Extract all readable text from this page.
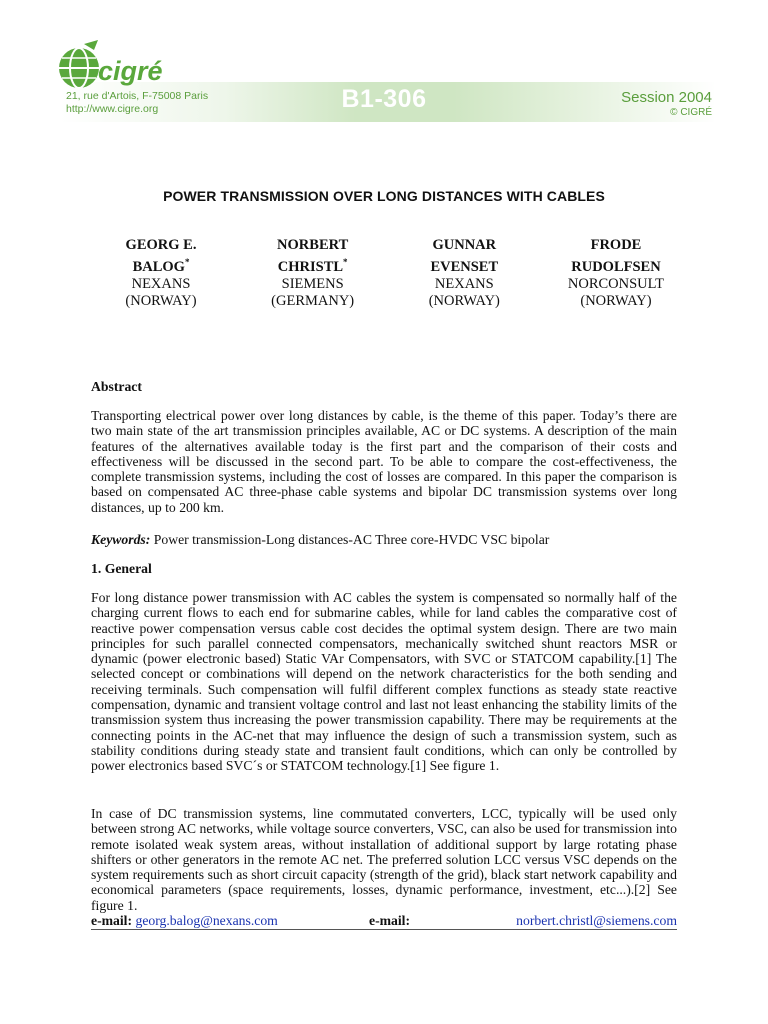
cigré
21, rue d'Artois, F-75008 Paris
http://www.cigre.org	B1-306	Session 2004
© CIGRÉ
POWER TRANSMISSION OVER LONG DISTANCES WITH CABLES
GEORG E.
BALOG*
NEXANS
(NORWAY)
NORBERT
CHRISTL*
SIEMENS
(GERMANY)
GUNNAR
EVENSET
NEXANS
(NORWAY)
FRODE
RUDOLFSEN
NORCONSULT
(NORWAY)
Abstract
Transporting electrical power over long distances by cable, is the theme of this paper. Today’s there are two main state of the art transmission principles available, AC or DC systems. A description of the main features of the alternatives available today is the first part and the comparison of their costs and effectiveness will be discussed in the second part. To be able to compare the cost-effectiveness, the complete transmission systems, including the cost of losses are compared. In this paper the comparison is based on compensated AC three-phase cable systems and bipolar DC transmission systems over long distances, up to 200 km.
Keywords: Power transmission-Long distances-AC Three core-HVDC VSC bipolar
1. General
For long distance power transmission with AC cables the system is compensated so normally half of the charging current flows to each end for submarine cables, while for land cables the comparative cost of reactive power compensation versus cable cost decides the optimal system design. There are two main principles for such parallel connected compensators, mechanically switched shunt reactors MSR or dynamic (power electronic based) Static VAr Compensators, with SVC or STATCOM capability.[1] The selected concept or combinations will depend on the network characteristics for the both sending and receiving terminals. Such compensation will fulfil different complex functions as steady state reactive compensation, dynamic and transient voltage control and last not least enhancing the stability limits of the transmission system thus increasing the power transmission capability. There may be requirements at the connecting points in the AC-net that may influence the design of such a transmission system, such as stability conditions during steady state and transient fault conditions, which can only be controlled by power electronics based SVC´s or STATCOM technology.[1] See figure 1.
In case of DC transmission systems, line commutated converters, LCC, typically will be used only between strong AC networks, while voltage source converters, VSC, can also be used for transmission into remote isolated weak system areas, without installation of additional support by large rotating phase shifters or other generators in the remote AC net. The preferred solution LCC versus VSC depends on the system requirements such as short circuit capacity (strength of the grid), black start network capability and economical parameters (space requirements, losses, dynamic performance, investment, etc...).[2] See figure 1.
e-mail: georg.balog@nexans.com	e-mail:	norbert.christl@siemens.com
